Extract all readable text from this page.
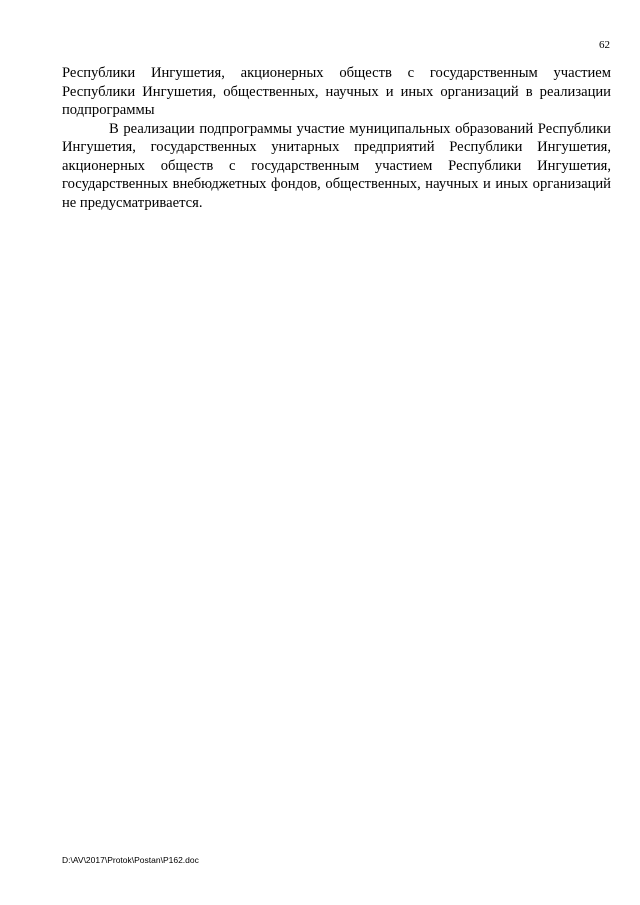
62

Республики Ингушетия, акционерных обществ с государственным участием Республики Ингушетия, общественных, научных и иных организаций в реализации подпрограммы

В реализации подпрограммы участие муниципальных образований Республики Ингушетия, государственных унитарных предприятий Республики Ингушетия, акционерных обществ с государственным участием Республики Ингушетия, государственных внебюджетных фондов, общественных, научных и иных организаций не предусматривается.

D:\AV\2017\Protok\Postan\P162.doc
